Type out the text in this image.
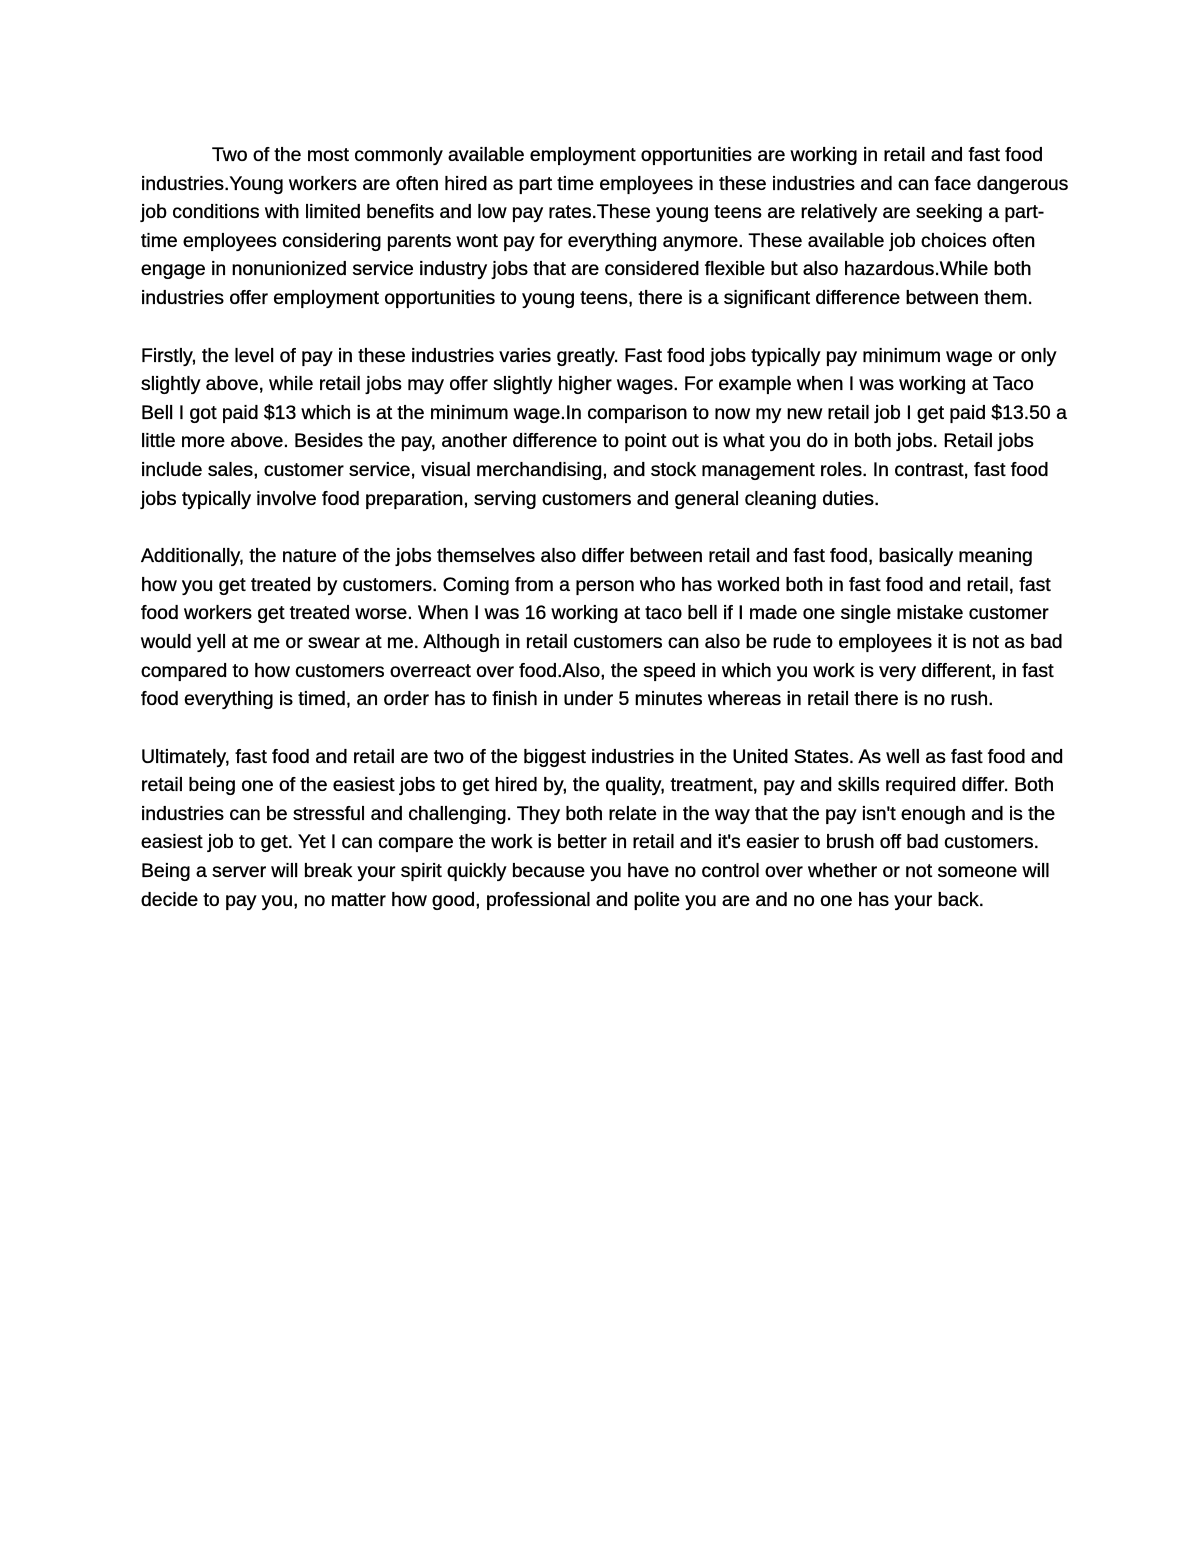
Two of the most commonly available employment opportunities are working in retail and fast food industries.Young workers are often hired as part time employees in these industries and can face dangerous job conditions with limited benefits and low pay rates.These young teens are relatively are seeking a part-time employees considering parents wont pay for everything anymore. These available job choices often engage in nonunionized service industry jobs that are considered flexible but also hazardous.While both industries offer employment opportunities to young teens, there is a significant difference between them.

Firstly, the level of pay in these industries varies greatly. Fast food jobs typically pay minimum wage or only slightly above, while retail jobs may offer slightly higher wages. For example when I was working at Taco Bell I got paid $13 which is at the minimum wage.In comparison to now my new retail job I get paid $13.50 a little more above. Besides the pay, another difference to point out is what you do in both jobs. Retail jobs include sales, customer service, visual merchandising, and stock management roles. In contrast, fast food jobs typically involve food preparation, serving customers and general cleaning duties.

Additionally, the nature of the jobs themselves also differ between retail and fast food, basically meaning how you get treated by customers. Coming from a person who has worked both in fast food and retail, fast food workers get treated worse. When I was 16 working at taco bell if I made one single mistake customer would yell at me or swear at me. Although in retail customers can also be rude to employees it is not as bad compared to how customers overreact over food.Also, the speed in which you work is very different, in fast food everything is timed, an order has to finish in under 5 minutes whereas in retail there is no rush.

Ultimately, fast food and retail are two of the biggest industries in the United States. As well as fast food and retail being one of the easiest jobs to get hired by, the quality, treatment, pay and skills required differ. Both industries can be stressful and challenging. They both relate in the way that the pay isn't enough and is the easiest job to get. Yet I can compare the work is better in retail and it's easier to brush off bad customers. Being a server will break your spirit quickly because you have no control over whether or not someone will decide to pay you, no matter how good, professional and polite you are and no one has your back.
